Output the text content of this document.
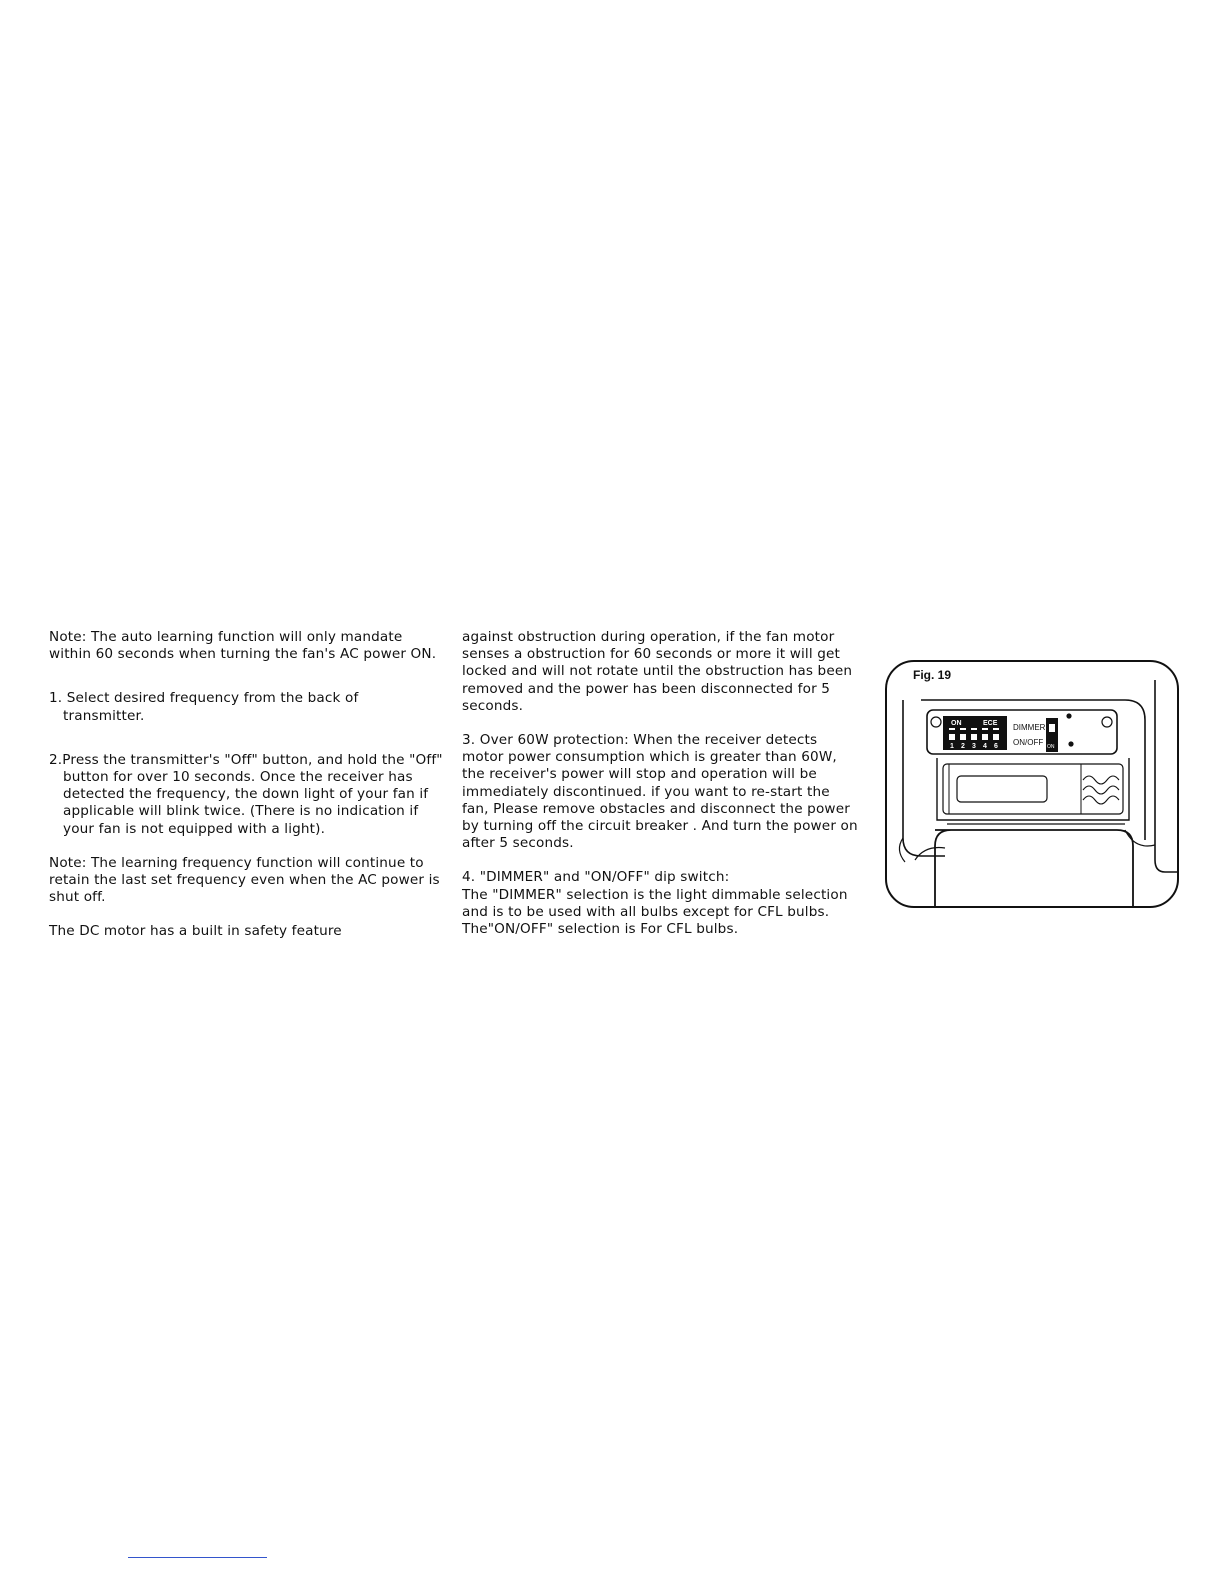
Note: The auto learning function will only mandate

within 60 seconds when turning the fan's AC power ON.

1. Select desired frequency from the back of

transmitter.

2.Press the transmitter's "Off" button, and hold the "Off"

button for over 10 seconds. Once the receiver has

detected the frequency, the down light of your fan if

applicable will blink twice. (There is no indication if

your fan is not equipped with a light).

Note: The learning frequency function will continue to

retain the last set frequency even when the AC power is

shut off.

The DC motor has a built in safety feature

against obstruction during operation, if the fan motor

senses a obstruction for 60 seconds or more it will get

locked and will not rotate until the obstruction has been

removed and the power has been disconnected for 5

seconds.

3. Over 60W protection: When the receiver detects

motor power consumption which is greater than 60W,

the receiver's power will stop and operation will be

immediately discontinued. if you want to re-start the

fan, Please remove obstacles and disconnect the power

by turning off the circuit breaker . And turn the power on

after 5 seconds.

4. "DIMMER" and "ON/OFF" dip switch:

The "DIMMER" selection is the light dimmable selection

and is to be used with all bulbs except for CFL bulbs.

The"ON/OFF" selection is For CFL bulbs.

ON	ECE
1 2 3 4 6
DIMMER
ON/OFF ON
Fig. 19
